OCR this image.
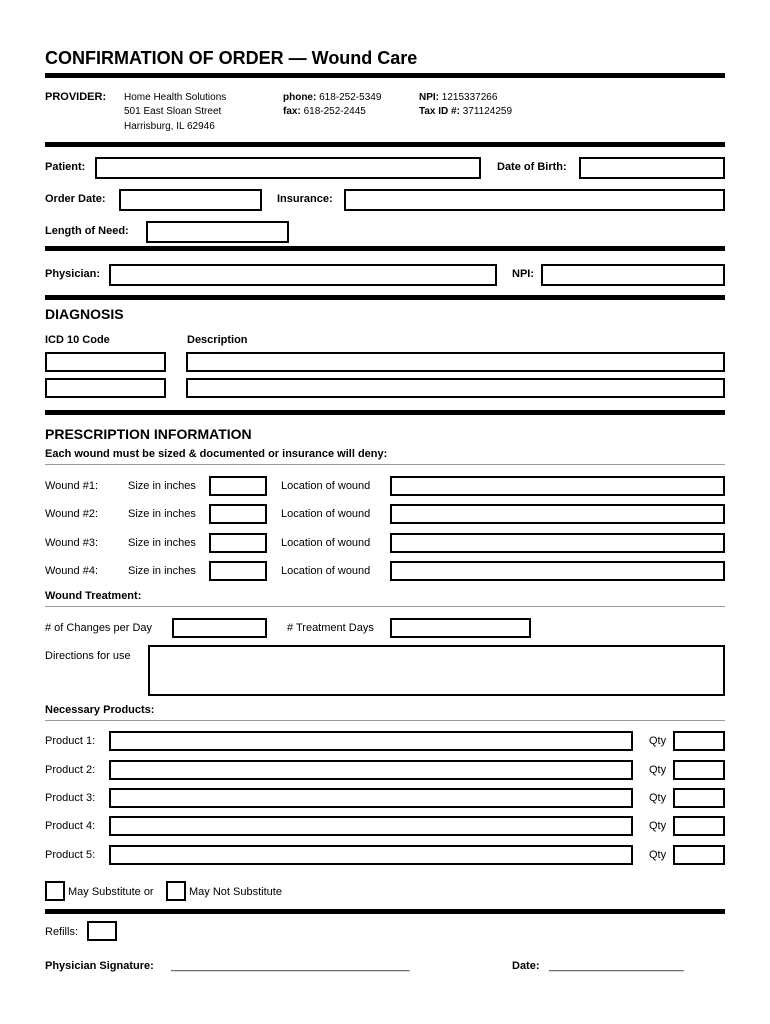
CONFIRMATION OF ORDER — Wound Care
PROVIDER: Home Health Solutions
501 East Sloan Street
Harrisburg, IL 62946
phone: 618-252-5349
fax: 618-252-2445
NPI: 1215337266
Tax ID #: 371124259
Patient:	Date of Birth:
Order Date:	Insurance:
Length of Need:
Physician:	NPI:
DIAGNOSIS
ICD 10 Code	Description
PRESCRIPTION INFORMATION
Each wound must be sized & documented or insurance will deny:
Wound #1:	Size in inches	Location of wound
Wound #2:	Size in inches	Location of wound
Wound #3:	Size in inches	Location of wound
Wound #4:	Size in inches	Location of wound
Wound Treatment:
# of Changes per Day	# Treatment Days
Directions for use
Necessary Products:
Product 1:	Qty
Product 2:	Qty
Product 3:	Qty
Product 4:	Qty
Product 5:	Qty
May Substitute or	May Not Substitute
Refills:
Physician Signature: _______________________________________	Date: ______________________
